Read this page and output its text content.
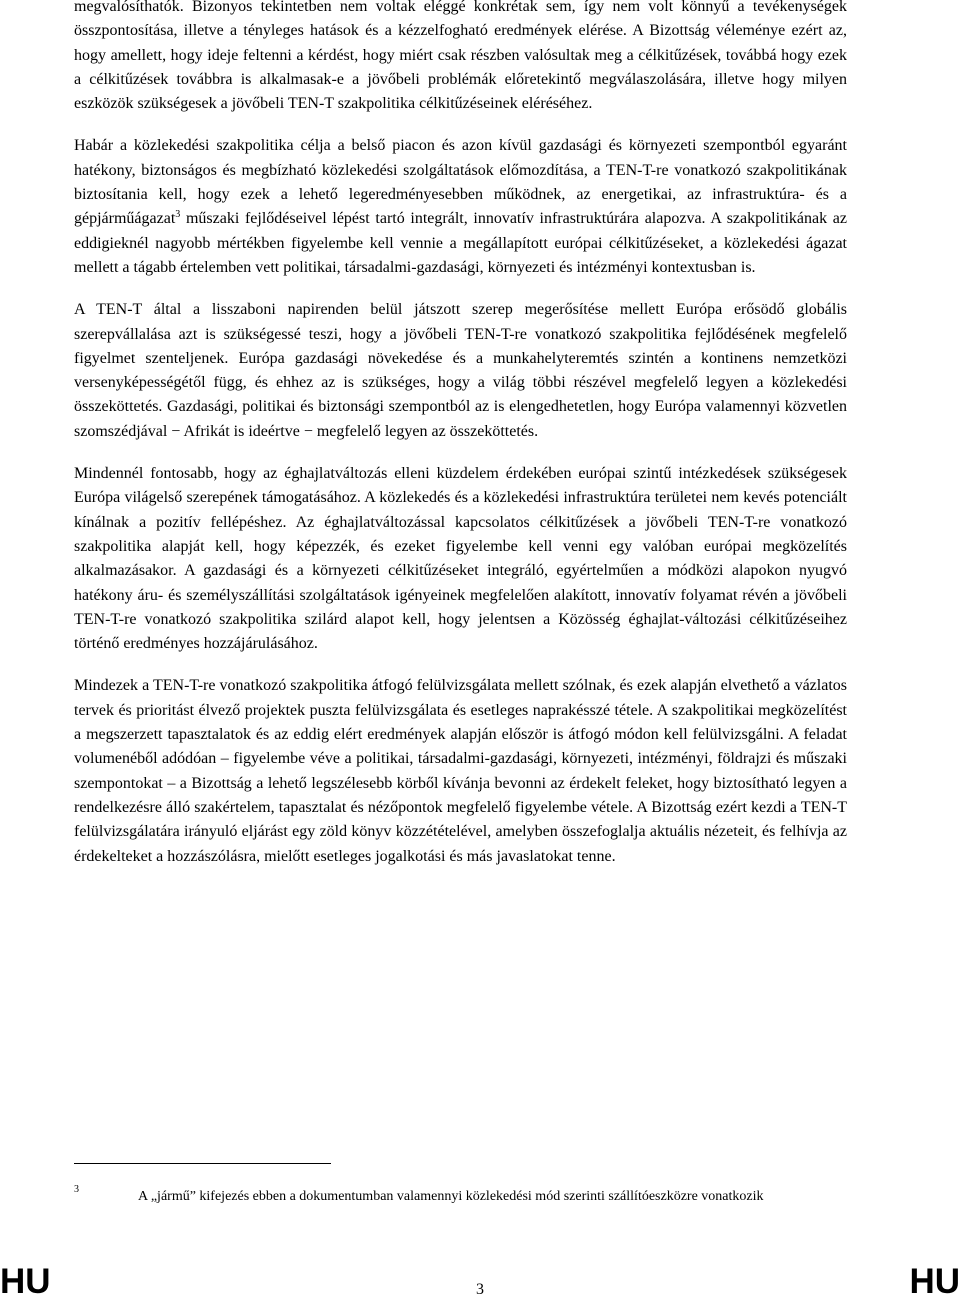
megvalósíthatók. Bizonyos tekintetben nem voltak eléggé konkrétak sem, így nem volt könnyű a tevékenységek összpontosítása, illetve a tényleges hatások és a kézzelfogható eredmények elérése. A Bizottság véleménye ezért az, hogy amellett, hogy ideje feltenni a kérdést, hogy miért csak részben valósultak meg a célkitűzések, továbbá hogy ezek a célkitűzések továbbra is alkalmasak-e a jövőbeli problémák előretekintő megválaszolására, illetve hogy milyen eszközök szükségesek a jövőbeli TEN-T szakpolitika célkitűzéseinek eléréséhez.

Habár a közlekedési szakpolitika célja a belső piacon és azon kívül gazdasági és környezeti szempontból egyaránt hatékony, biztonságos és megbízható közlekedési szolgáltatások előmozdítása, a TEN-T-re vonatkozó szakpolitikának biztosítania kell, hogy ezek a lehető legeredményesebben működnek, az energetikai, az infrastruktúra- és a gépjárműágazat$^3$ műszaki fejlődéseivel lépést tartó integrált, innovatív infrastruktúrára alapozva. A szakpolitikának az eddigieknél nagyobb mértékben figyelembe kell vennie a megállapított európai célkitűzéseket, a közlekedési ágazat mellett a tágabb értelemben vett politikai, társadalmi-gazdasági, környezeti és intézményi kontextusban is.

A TEN-T által a lisszaboni napirenden belül játszott szerep megerősítése mellett Európa erősödő globális szerepvállalása azt is szükségessé teszi, hogy a jövőbeli TEN-T-re vonatkozó szakpolitika fejlődésének megfelelő figyelmet szenteljenek. Európa gazdasági növekedése és a munkahelyteremtés szintén a kontinens nemzetközi versenyképességétől függ, és ehhez az is szükséges, hogy a világ többi részével megfelelő legyen a közlekedési összeköttetés. Gazdasági, politikai és biztonsági szempontból az is elengedhetetlen, hogy Európa valamennyi közvetlen szomszédjával − Afrikát is ideértve − megfelelő legyen az összeköttetés.

Mindennél fontosabb, hogy az éghajlatváltozás elleni küzdelem érdekében európai szintű intézkedések szükségesek Európa világelső szerepének támogatásához. A közlekedés és a közlekedési infrastruktúra területei nem kevés potenciált kínálnak a pozitív fellépéshez. Az éghajlatváltozással kapcsolatos célkitűzések a jövőbeli TEN-T-re vonatkozó szakpolitika alapját kell, hogy képezzék, és ezeket figyelembe kell venni egy valóban európai megközelítés alkalmazásakor. A gazdasági és a környezeti célkitűzéseket integráló, egyértelműen a módközi alapokon nyugvó hatékony áru- és személyszállítási szolgáltatások igényeinek megfelelően alakított, innovatív folyamat révén a jövőbeli TEN-T-re vonatkozó szakpolitika szilárd alapot kell, hogy jelentsen a Közösség éghajlat-változási célkitűzéseihez történő eredményes hozzájárulásához.

Mindezek a TEN-T-re vonatkozó szakpolitika átfogó felülvizsgálata mellett szólnak, és ezek alapján elvethető a vázlatos tervek és prioritást élvező projektek puszta felülvizsgálata és esetleges naprakésszé tétele. A szakpolitikai megközelítést a megszerzett tapasztalatok és az eddig elért eredmények alapján először is átfogó módon kell felülvizsgálni. A feladat volumenéből adódóan – figyelembe véve a politikai, társadalmi-gazdasági, környezeti, intézményi, földrajzi és műszaki szempontokat – a Bizottság a lehető legszélesebb körből kívánja bevonni az érdekelt feleket, hogy biztosítható legyen a rendelkezésre álló szakértelem, tapasztalat és nézőpontok megfelelő figyelembe vétele. A Bizottság ezért kezdi a TEN-T felülvizsgálatára irányuló eljárást egy zöld könyv közzétételével, amelyben összefoglalja aktuális nézeteit, és felhívja az érdekelteket a hozzászólásra, mielőtt esetleges jogalkotási és más javaslatokat tenne.

3	A „jármű” kifejezés ebben a dokumentumban valamennyi közlekedési mód szerinti szállítóeszközre vonatkozik
HU	3	HU
